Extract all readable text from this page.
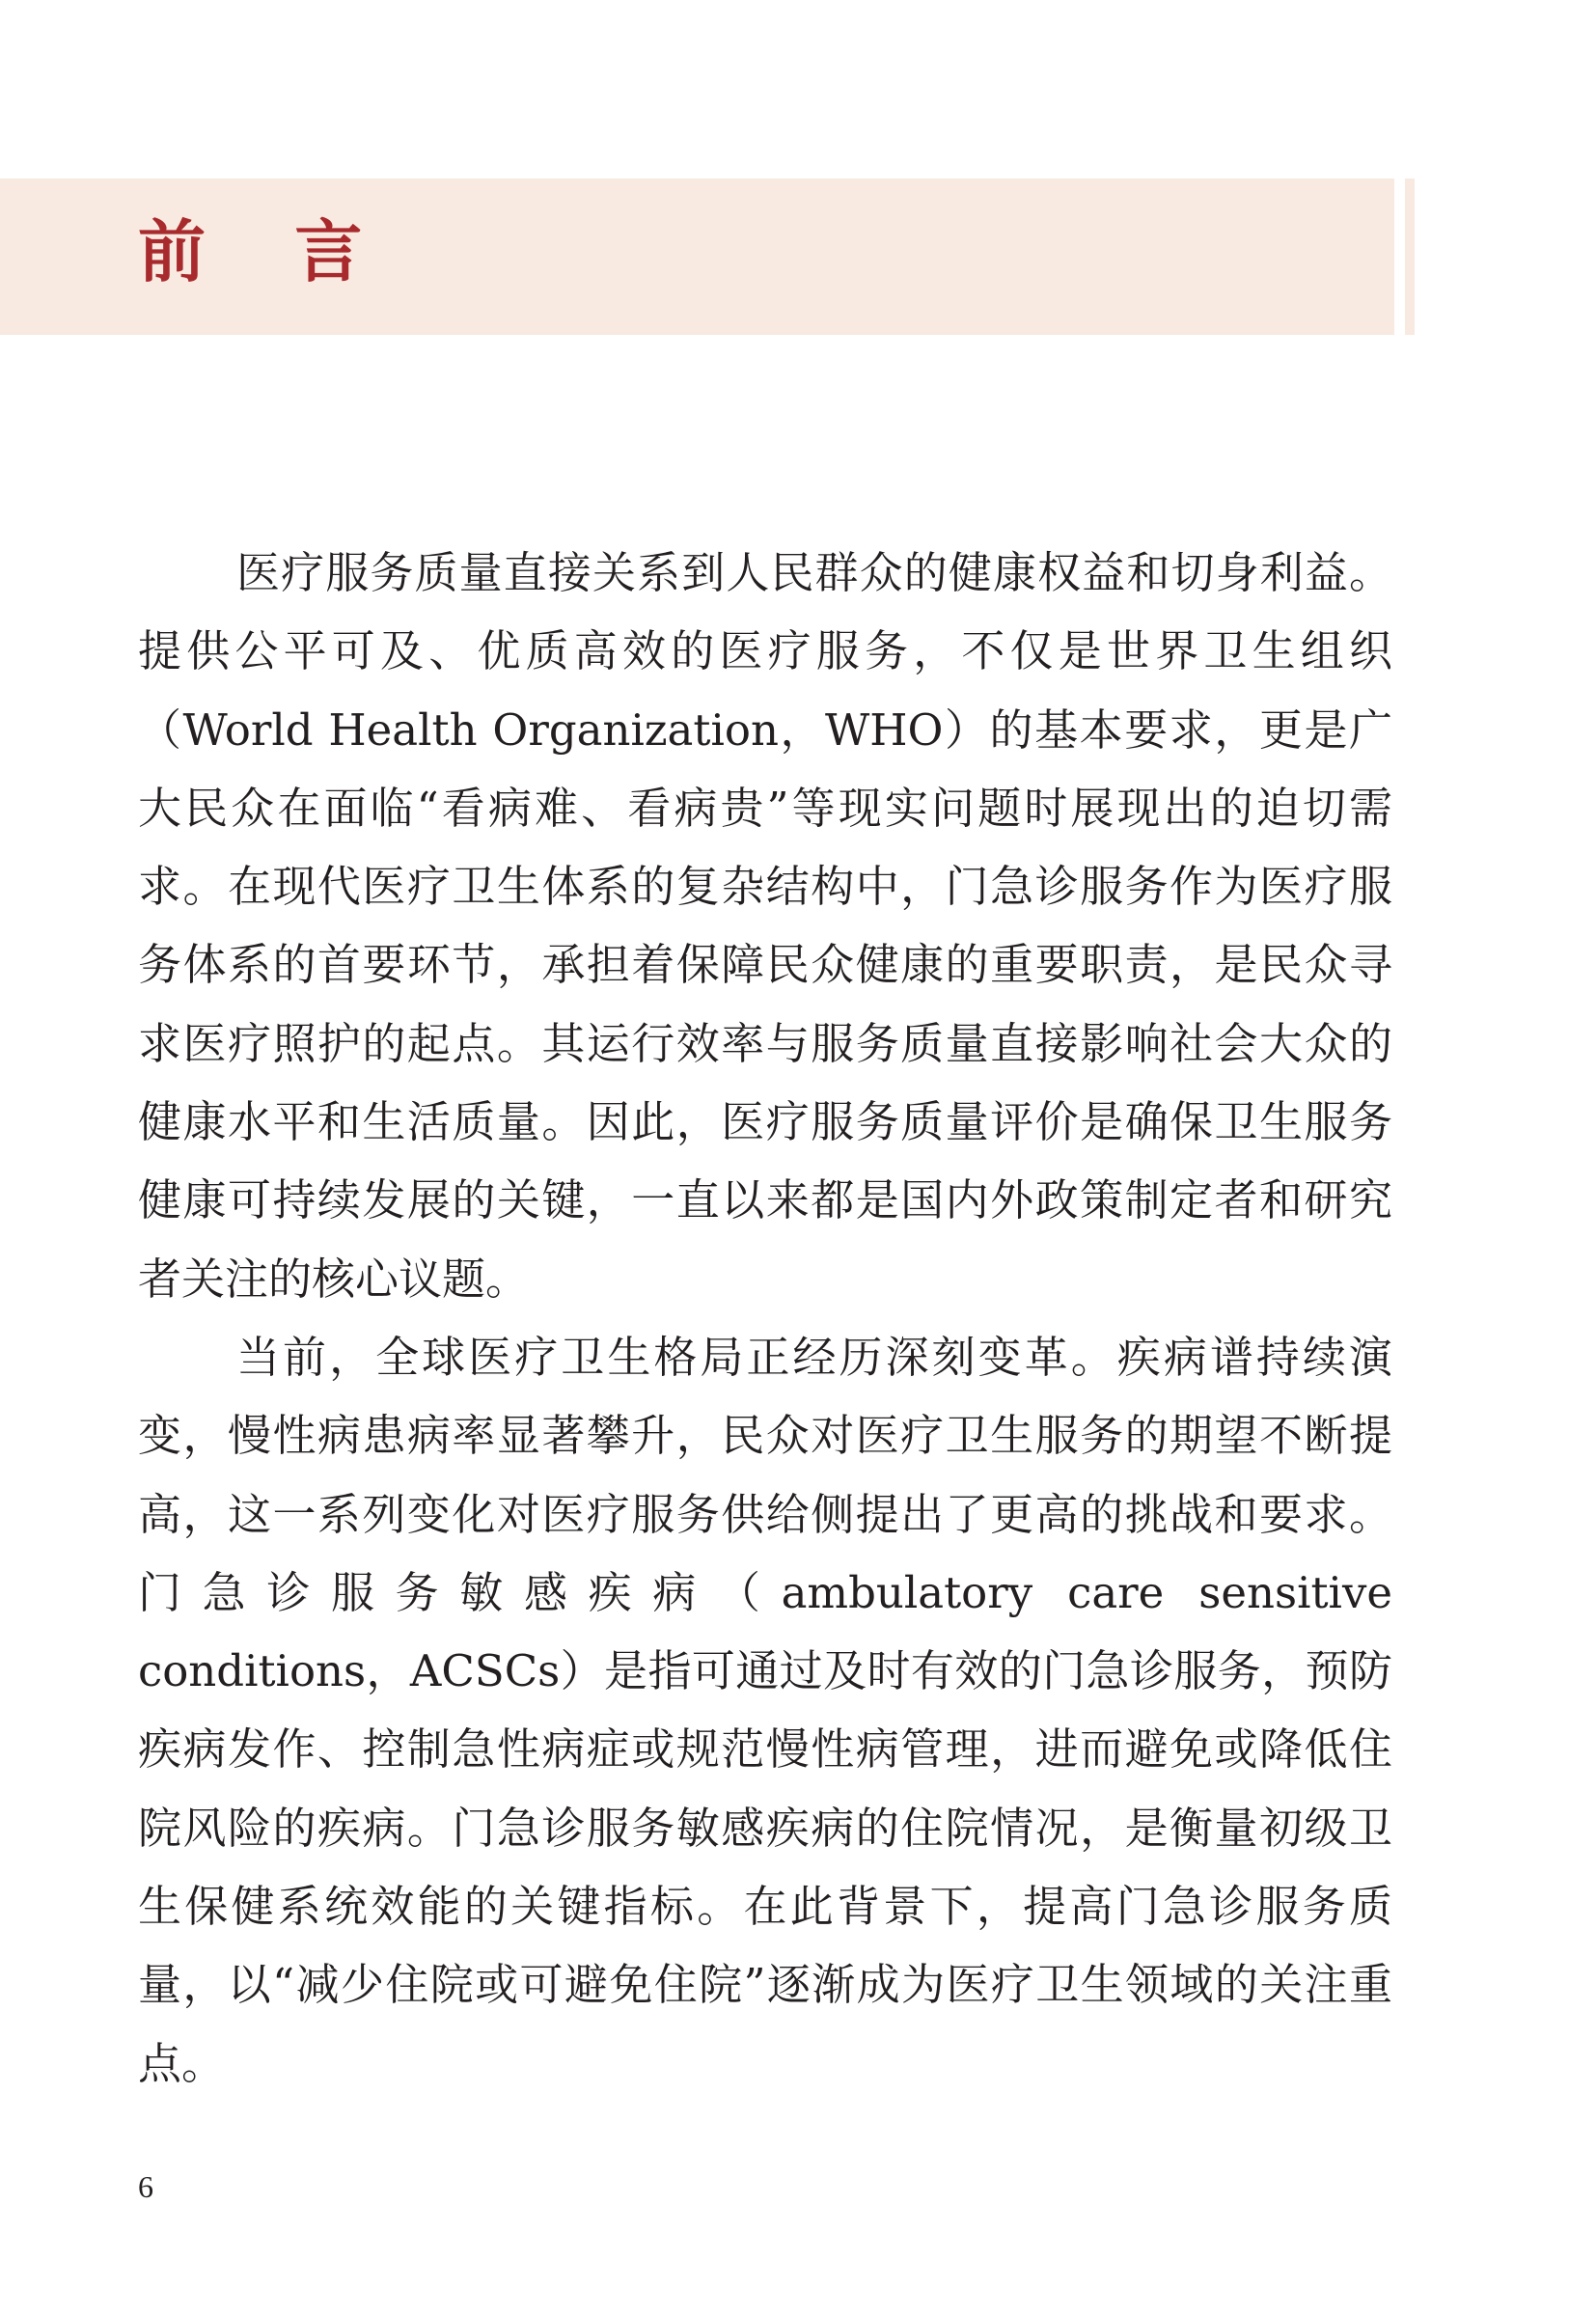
前 言

医疗服务质量直接关系到人民群众的健康权益和切身利益。提供公平可及、优质高效的医疗服务，不仅是世界卫生组织（World Health Organization，WHO）的基本要求，更是广大民众在面临“看病难、看病贵”等现实问题时展现出的迫切需求。在现代医疗卫生体系的复杂结构中，门急诊服务作为医疗服务体系的首要环节，承担着保障民众健康的重要职责，是民众寻求医疗照护的起点。其运行效率与服务质量直接影响社会大众的健康水平和生活质量。因此，医疗服务质量评价是确保卫生服务健康可持续发展的关键，一直以来都是国内外政策制定者和研究者关注的核心议题。

当前，全球医疗卫生格局正经历深刻变革。疾病谱持续演变，慢性病患病率显著攀升，民众对医疗卫生服务的期望不断提高，这一系列变化对医疗服务供给侧提出了更高的挑战和要求。门急诊服务敏感疾病（ambulatory care sensitive conditions，ACSCs）是指可通过及时有效的门急诊服务，预防疾病发作、控制急性病症或规范慢性病管理，进而避免或降低住院风险的疾病。门急诊服务敏感疾病的住院情况，是衡量初级卫生保健系统效能的关键指标。在此背景下，提高门急诊服务质量，以“减少住院或可避免住院”逐渐成为医疗卫生领域的关注重点。

6
